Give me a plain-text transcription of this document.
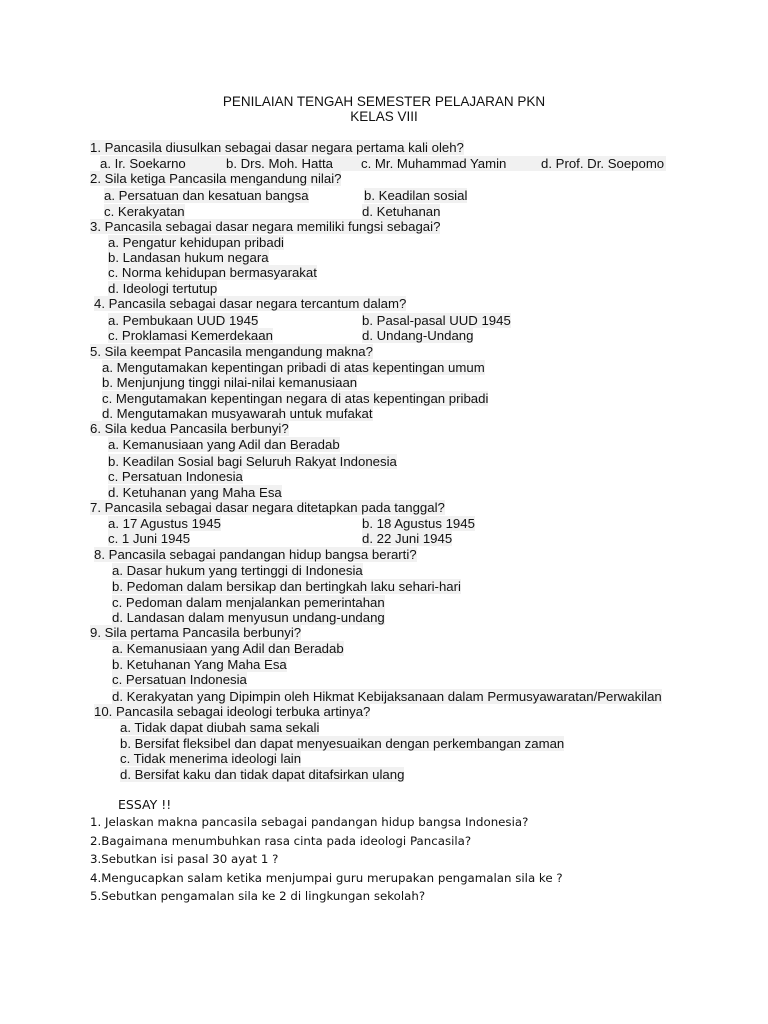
PENILAIAN TENGAH SEMESTER PELAJARAN PKN
KELAS VIII
1. Pancasila diusulkan sebagai dasar negara pertama kali oleh?
a. Ir. Soekarno	b. Drs. Moh. Hatta c. Mr. Muhammad Yamin	d. Prof. Dr. Soepomo
2. Sila ketiga Pancasila mengandung nilai?
a. Persatuan dan kesatuan bangsa	b. Keadilan sosial
c. Kerakyatan	d. Ketuhanan
3. Pancasila sebagai dasar negara memiliki fungsi sebagai?
a. Pengatur kehidupan pribadi
b. Landasan hukum negara
c. Norma kehidupan bermasyarakat
d. Ideologi tertutup
4. Pancasila sebagai dasar negara tercantum dalam?
a. Pembukaan UUD 1945	b. Pasal-pasal UUD 1945
c. Proklamasi Kemerdekaan	d. Undang-Undang
5. Sila keempat Pancasila mengandung makna?
a. Mengutamakan kepentingan pribadi di atas kepentingan umum
b. Menjunjung tinggi nilai-nilai kemanusiaan
c. Mengutamakan kepentingan negara di atas kepentingan pribadi
d. Mengutamakan musyawarah untuk mufakat
6. Sila kedua Pancasila berbunyi?
a. Kemanusiaan yang Adil dan Beradab
b. Keadilan Sosial bagi Seluruh Rakyat Indonesia
c. Persatuan Indonesia
d. Ketuhanan yang Maha Esa
7. Pancasila sebagai dasar negara ditetapkan pada tanggal?
a. 17 Agustus 1945	b. 18 Agustus 1945
c. 1 Juni 1945	d. 22 Juni 1945
8. Pancasila sebagai pandangan hidup bangsa berarti?
a. Dasar hukum yang tertinggi di Indonesia
b. Pedoman dalam bersikap dan bertingkah laku sehari-hari
c. Pedoman dalam menjalankan pemerintahan
d. Landasan dalam menyusun undang-undang
9. Sila pertama Pancasila berbunyi?
a. Kemanusiaan yang Adil dan Beradab
b. Ketuhanan Yang Maha Esa
c. Persatuan Indonesia
d. Kerakyatan yang Dipimpin oleh Hikmat Kebijaksanaan dalam Permusyawaratan/Perwakilan
10. Pancasila sebagai ideologi terbuka artinya?
a. Tidak dapat diubah sama sekali
b. Bersifat fleksibel dan dapat menyesuaikan dengan perkembangan zaman
c. Tidak menerima ideologi lain
d. Bersifat kaku dan tidak dapat ditafsirkan ulang
ESSAY !!
1. Jelaskan makna pancasila sebagai pandangan hidup bangsa Indonesia?
2.Bagaimana menumbuhkan rasa cinta pada ideologi Pancasila?
3.Sebutkan isi pasal 30 ayat 1 ?
4.Mengucapkan salam ketika menjumpai guru merupakan pengamalan sila ke ?
5.Sebutkan pengamalan sila ke 2 di lingkungan sekolah?
